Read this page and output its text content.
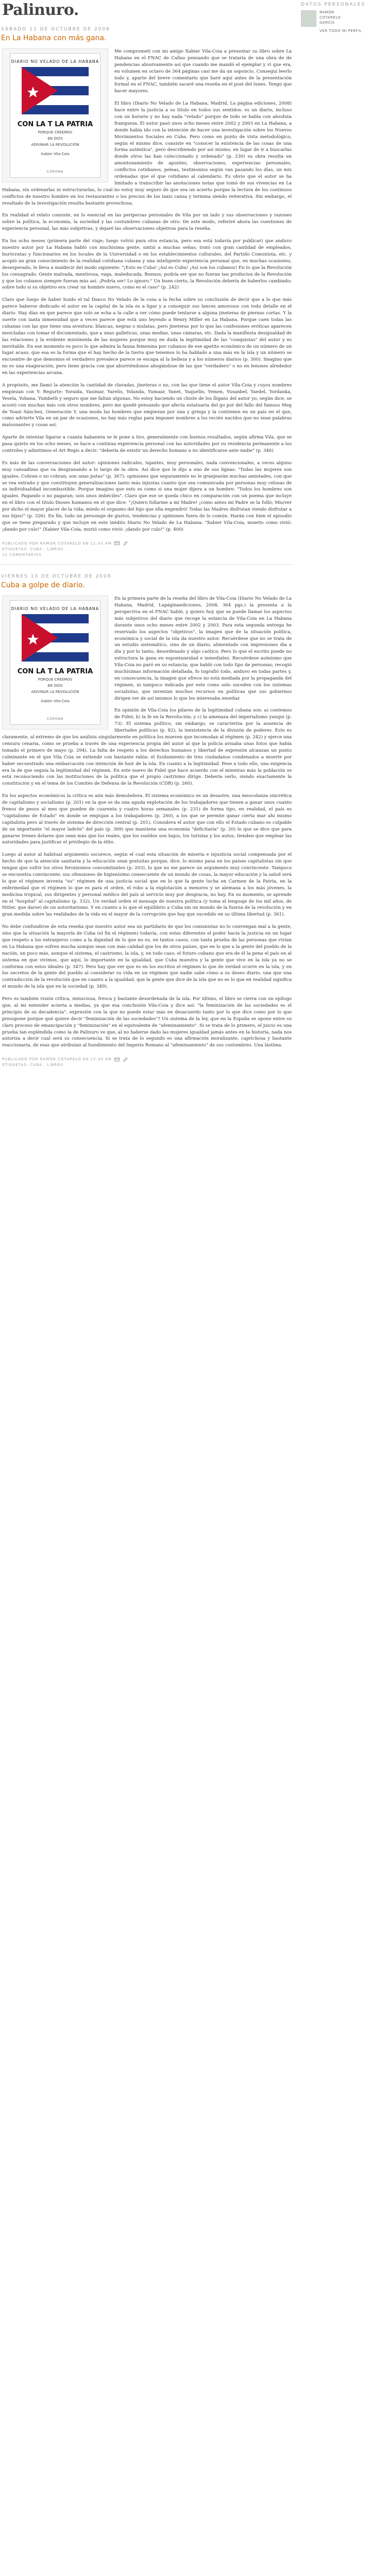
Palinuro.	DATOS PERSONALES
RAMÓN
COTARELO
GARCÍA
VER TODO MI PERFIL
SÁBADO 11 DE OCTUBRE DE 2008
En La Habana con más gana.
DIARIO NO VELADO DE LA HABANA
CON LA T LA PATRIA
PORQUE CREEMOS
EN DIOS
ADIVINAR LA REVOLUCIÓN
Xabier Vila-Coia
CORONA

Me comprometí con mi amigo Xabier Vila-Coia a presentar su libro sobre La Habana en el FNAC de Callao pensando que se trataría de una obra de de pendencias abusivamente así que cuando me mandó el ejemplar y vi que era, en volumen en octavo de 364 páginas casi me da un soponcio. Conseguí leerlo todo y, aparte del breve comentario que haré aquí antes de la presentación formal en el FNAC, también sacaré una reseña en el post del lunes. Tengo que hacer mayores.

El libro (Diario No Velado de La Habana, Madrid, La página ediciones, 2008) hace entre la justicia a su título en todos sus sentidos: es un diario, incluso con un horario y no hay nada "velado" porque de todo se habla con absoluta franqueza. El autor pasó unos ocho meses entre 2002 y 2003 en La Habana, a donde había ido con la intención de hacer una investigación sobre los Nuevos Movimientos Sociales en Cuba. Pero como en punto de vista metodológico, según el mismo dice, consiste en "conocer la existencia de las cosas de una forma auténtica", pero describiendo por así mismo; en lugar de ir a buscarlas donde otros las han coleccionado y ordenado" (p. 230) su obra resulta un amontonamiento de apuntes, observaciones, experiencias personales, conflictos cotidianos, peleas, testimonios según van pasando los días, un mis ordenadas que el que cotidiano al calendario. Es obvio que el autor se ha limitado a transcribir las anotaciones notas que tomó de sus vivencias en La Habana, sin ordenarlas ni estructurarlas, lo cual no estoy muy seguro de que sea un acierto porque la lectura de los continuos conflictos de nuestro hombre en los restaurantes o los precios de los taxis cansa y termina siendo reiterativa. Sin embargo, el resultado de la investigación resulta bastante provechosa.

En realidad el relato consiste, en lo esencial en las peripecias personales de Vila por un lado y sus observaciones y razones sobre la política, la economía, la sociedad y las costumbres cubanas de otro. De este modo, referiré ahora las cuestiones de experiencia personal, las más subjetivas, y dejaré las observaciones objetivas para la reseña.

En los ocho meses (primera parte del viaje; luego volvió para otra estancia, pero esa está todavía por publicar) que anduvo nuestro autor por La Habana habló con muchísima gente, sintió a muchas señas; trató con gran cantidad de empleados, burócratas y funcionarios en los locales de la Universidad o en los establecimientos culturales, del Partido Comunista, etc. y acopió un gran conocimiento de la realidad cotidiana cubana y una inteligente experiencia personal que, en muchas ocasiones, desesperado, le lleva a maldecir del modo siguiente: "¡Esto es Cuba! ¡Así es Cuba! ¡Así son los cubanos! En lo que la Revolución los consagrado. Gente malvada, mentirosa, vaga, maleducada. Buenos; podría ser que no fueran tan productos de la Revolución y que los cubanos siempre fueran más así. ¡Podría ser! Lo ignoro." Un buen cierto, la Revolución debería de haberlos cambiado; sobre todo si su objetivo era crear un hombre nuevo, como es el caso" (p. 242)

Claro que luego de haber huido el tal Danco No Velado de la cosa a la fecha sobre su conclusión de decir que a lo que más parece haberse dedicado el autor en la capital de la isla es a ligar y a conseguir sus lances amorosos con todo detalle en el diario. Hay días en que parece que solo se echa a la calle a ver cómo puede tentarse a alguna jineteras de piernas cortas. Y la suerte con tanta inmensidad que a veces parece que está uno leyendo a Henry Miller en La Habana. Porque caen todas las cubanas con las que tiene una aventura: blancas, negras o mulatas, pero jineteras por lo que las confesiones eróticas aparecen mezcladas con tomar el documentado, que a unas galleticas, unas medias, unas cámaras, etc. Dada la manifiesta desigualdad de las relaciones y la evidente misiónenla de las mujeres porque muy en duda la legitimidad de las "conquistas" del autor y es inevitable. En ese momento es poco lo que admira la fauna femenina por cubanos de ese apetito económico de un número de un lugar acaso, que esa es la forma que el hay hecho de la tierra que tenemos lo ha hablado a una más en la isla y un número se encuentre de que demonios el verdadero prevalece parece se escapa al la belleza y a los números diarios (p. 300). Imagino que no es una exageración, pero tiene gracia con que aburriéndonos ahogándose de las que "verdadero" o no en lenones alrededor en las experiencias arcana.

A propósito, me llamó la atención la cantidad de clavadas, jineteras o no, con las que tiene el autor Vila-Coia y cuyos nombres empiezan con Y: Regurte: Yoraida, Yasimar, Yarelis, Yolanda, Yumaar, Yanet, Yaquelin, Yemen, Yusanbel, Yaedel, Yordanka, Yesela, Yohana, Yumbeth y seguro que me faltan algunas. No estoy haciendo un chiste de los lligans del autor yo, según dice, se acostó con muchas más con otros nombres, pero me quedé pensando que afecta estatuaria del go por del fallo del famoso Meg de Yoani Sánchez, Generación Y, una moda las hombres que empiezan por una y griega y la contienen en un país en el que, como advierte Vila en un par de ocasiones, no hay más reglas para imponer nombres a los recién nacidos que no sean palabras malsonantes y cosas así.

Aparte de intentar ligarse a cuanta habanera se le pone a tiro, generalmente con buenos resultados, según afirma Vila, que se pasa quieto en los ocho meses, se hace a continua experiencia personal con las autoridades por su residencia permanente a los controles y admitimos el Art Regis a decir: "debería de existir un derecho humano a no identificarse ante nadie" (p. 346)

Es más de las conversaciones del autor: opiniones radicales, tajantes, muy personales, nada convencionales, a veces alguno muy cansadizas que va desgranando a lo largo de la obra. Así dice que le dijo a uno de sus lignas: "Todas las mujeres son iguales: Cobran o no cobran; son unas putas" (p. 367); opiniones que seguramente no le granjearán muchas amistades, con que se vea extraño y que constituyen generalizaciones tanto más injustas cuanto que sea comunicada por personas muy celosas de su individualidad incombustible. Porque imagino que esto es como si una mujer dijera a un hombre: "Todos los hombres son iguales. Pagando o no pagaran; sois unos imbéciles". Claro que ese se queda chico en comparación con un poema que incluye en el libro con el título Dioses humanos en el que dice: "¡Quiero follarme a mi Madre! ¡como antes mi Padre se la folló; Mis/ver por dicho el mayor placer de la vida; miedo el orgasmo del hijo que ella engendró! Todas las Madres disfrutan viendo disfrutar a sus hijos!" (p. 326). En fin, todo un personaje de gustos, tendencias y opiniones fuera de lo común. Harán con bien el episodio que se tiene preparado y que incluye en este inédito Diario No Velado de La Habana: "Xabier Vila-Coia, muerto como vivió: ¡dando por culo!" (Xabier Vila-Coia, murió como vivió: ¡dando por culo!" (p. 400)

PUBLICADO POR RAMÓN COTARELO EN 12:41 AM
ETIQUETAS: CUBA , LIBROS
11 COMENTARIOS
VIERNES 10 DE OCTUBRE DE 2008
Cuba a golpe de diario.
DIARIO NO VELADO DE LA HABANA
CON LA T LA PATRIA
PORQUE CREEMOS
EN DIOS
ADIVINAR LA REVOLUCIÓN
Xabier Vila-Coia
CORONA

En la primera parte de la reseña del libro de Vila-Coia (Diario No Velado de La Habana, Madrid, Lapáginaediciones, 2008, 364 pgs.) la presenta a la perspectiva en el FNAC hablé, y quiero hoy que se puede llamar los aspectos más subjetivos del diario que recoge la estancia de Vila-Coia en La Habana durante unos ocho meses entre 2002 y 2003. Para esta segunda entrega he reservado los aspectos "objetivos", la imagen que de la situación política, económica y social de la isla da nuestro autor. Recuérdese que no se trata de un estudio sistemático, sino de un diario, alimentado con impresiones día a día y por lo tanto, desordenado y algo caótico. Pero lo que el escrito puede no estructura la gana en espontaneidad e inmediatez. Recuérdese asimismo que Vila-Coia no paró en su estancia; que habló con todo tipo de personas; recogió muchísimas información detallada, fo tografió todo, anduvo en todas partes y, en consecuencia, la imagen que ofrece no está mediada por la propaganda del régimen, ni tampoco indicada por este como solo suceden con los sistemas socialistas, que inventan muchos recursos en políticas que sus gobiernos dirigen ver de así mismos lo que les interesaba enseñar.

En opinión de Vila-Coia los pilares de la legitimidad cubana son: a) contemos de Fidel; b) la fe en la Revolución; y c) la amenaza del imperialismo yanqui (p. 73). El sistema político, sin embargo, se caracteriza por la ausencia de libertades políticas (p. 82); la inexistencia de la división de poderes. Esto es claramente, al extremo de que los análisis singularmente en política los mueven que incomodan al régimen (p. 242) y ejerce una censura cenaria, como se prueba a través de una experiencia propia del autor al que la policía avisaba unas fotos que había tomado el primero de mayo (p. 294). La falta de respeto a los derechos humanos y libertad de expresión alcanzan un punto culminante en el que Vila Coia se extiende con bastante rabia: el fusilamiento de tres ciudadanos condenados a muerte por haber secuestrado una embarcación con intención de huir de la isla. En cuanto a la legitimidad. Pese a todo ello, una exigencia era la de que seguía la legitimidad del régimen. En este nuevo de Fidel que hace acuerdo con el mientras más la población se está reconociendo con las instituciones de la política que el propio castrismo dirige. Debería serlo, siendo exactamente la constitución y en el tema de los Comités de Defensa de la Revolución (CDR) (p. 260).

En los aspectos económicos la crítica es aún más demoledora. El sistema económico es un desastre, una mescolanza sincrética de capitalismo y socialismo (p. 201) en la que se da una aguda explotación de los trabajadores que tienen a ganar unos cuanto frenos de pesos al mes que pueden de cuarenta y cuatro horas semanales (p. 231) de forma tipo, en realidad, el país es "capitalismo de Estado" en donde se empujan a los trabajadores (p. 260), a los que se permite ganar cierta mar ahí mismo capitalista pero al través de sistema de dirección central (p. 201). Considera el autor que con ello el Estado cubano es culpable de un importante "el mayor ladrón" del país (p. 369) que mantiene una economía "deficitaria" (p. 20) lo que se dice que para ganarse trenes dolares que sean más que los reales, que los sueldos son bajos, los turistas y los autos, tienden que emplear las autoridades para justificar el privilegio de la élite.

Luego al autor al habitual argumento oscurece, según el cual esta situación de miseria e injusticia social compensada por el hecho de que la atención sanitaria y la educación sean gratuitas porque, dice, lo mismo pasa en los países capitalistas sin que tengan que sufrir los otros feroinismos concomitantes (p. 203), lo que no me parece un argumento muy convincente. Tampoco se encuentra convincente: sus ofensiones de higienísimo consecuente de un mundo de cosas, la mayor educación y la salud será lo que el régimen inventa "su" régimen de una justicia social que en lo que la gente lucha en Carmen de la Patria, en la enfermedad que el régimen lo que es para el orden, el robo a la explotación a menores y se alemana a los más jóvenes, la medicina tropical, sus dirigentes y personal médico del país al servicio muy por desgracia, no hay. En su momento, se aprende en el "hospital" al capitalismo (p. 332). Un verdad orden el mensaje de nuestra política (y toma el lenguaje de los mil años, de Hitler, que darse) de un autoritarismo. Y en cuanto a lo que el equilibrio a Cuba sin un mundo de la fuerza de la revolución y en gran medida sobre las realidades de la vida en el mayor de la corrupción que hay que sucedido en su última libertad (p. 361).

No debe confundirse de esta reseña que nuestro autor sea un partidario de que los comunistas no lo convengan mal a la gente, sino que la situación la mayoría de Cuba (el fin el régimen) todavía, con estas diferentes el poder hacia la justicia en un lugar que respeto a los extranjeros como a la dignidad de lo que no es, en tantos casos, con tanta prueba de las personas que vivían en La Habana que sufren mucha aunque sean con más calidad que los de otros países, que en lo que a la gente del pueblo de la nación, un poco más, aunque el sistema, el castrismo, la isla, y, en todo caso, el futuro cubano que era de él la pena el país en al sistema en que vivimos, que aquí, lo importante en la igualdad, que Cuba muestra y la gente que vive en la isla ya no se conforma con estos ideales (p. 347). Pero hay que ver que es en los escritos el régimen lo que de verdad ocurre en la isla, y en los secretos de la gente del pueblo al considerar su vida en un régimen que nadie sabe cómo a su deseo diario, una que una contradicción de la revolución que en cuanto a la igualdad, que la gente que dice de la isla que no es lo que en realidad significa el mundo de la isla que en la sociedad (p. 349).

Pero es también visión crítica, minuciosa, fresca y bastante desordenada de la isla. Por último, el libro se cierra con un epílogo que, al mi entender acierta a medias, ya que esa conclusión Vila-Coia y dice así: "la feminización de las sociedades es el principio de su decadencia", expresión con la que no puede estar más en desacuerdo tanto por lo que dice como por lo que presupone porque qué quiere decir "feminización de las sociedades"? Un sistema de la ley, que en la España se opone entre su claro proceso de emancipación y "feminización" en el equivalente de "afeminamiento". Si se trata de lo primero, el juicio es una prueba tan espléndida como la de Palinuro ve que, al no haberse dado las mujeres igualdad jamás antes en la historia, nada nos autoriza a decir cual será su consecuencia. Si se trata de lo segundo es una afirmación moralizante, caprichosa y bastante reaccionaria, de esas que atribuían al hundimiento del Imperio Romano al "afeminamiento" de sus costumbres. Una lástima.

PUBLICADO POR RAMÓN COTARELO EN 12:30 AM
ETIQUETAS: CUBA , LIBROS
